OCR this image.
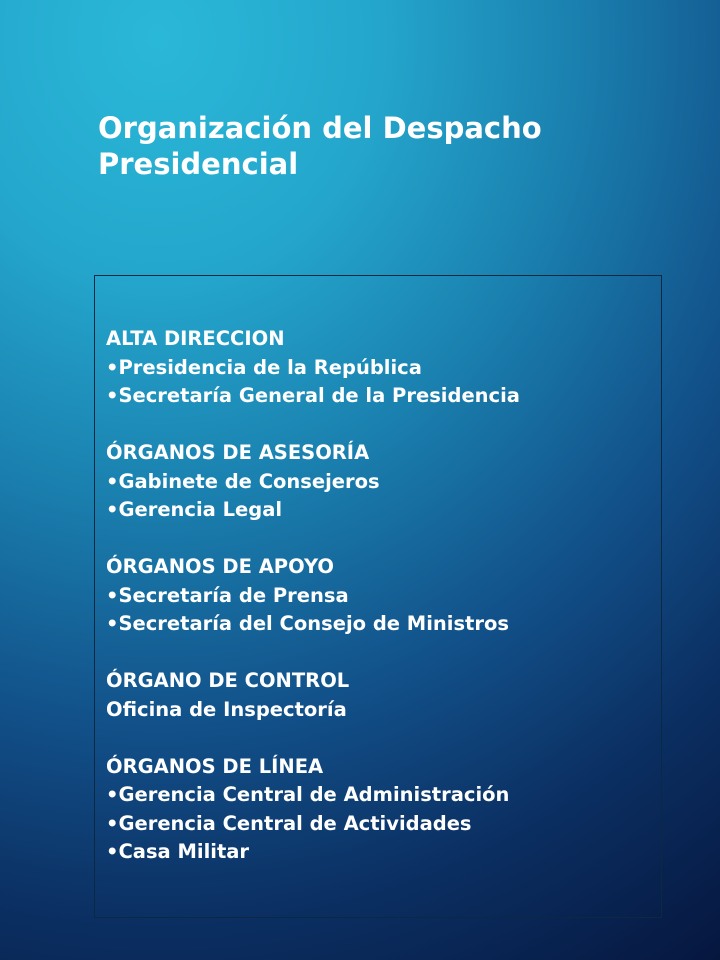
Organización del Despacho
Presidencial
ALTA DIRECCION
•Presidencia de la República
•Secretaría General de la Presidencia
ÓRGANOS DE ASESORÍA
•Gabinete de Consejeros
•Gerencia Legal
ÓRGANOS DE APOYO
•Secretaría de Prensa
•Secretaría del Consejo de Ministros
ÓRGANO DE CONTROL
Oficina de Inspectoría
ÓRGANOS DE LÍNEA
•Gerencia Central de Administración
•Gerencia Central de Actividades
•Casa Militar
